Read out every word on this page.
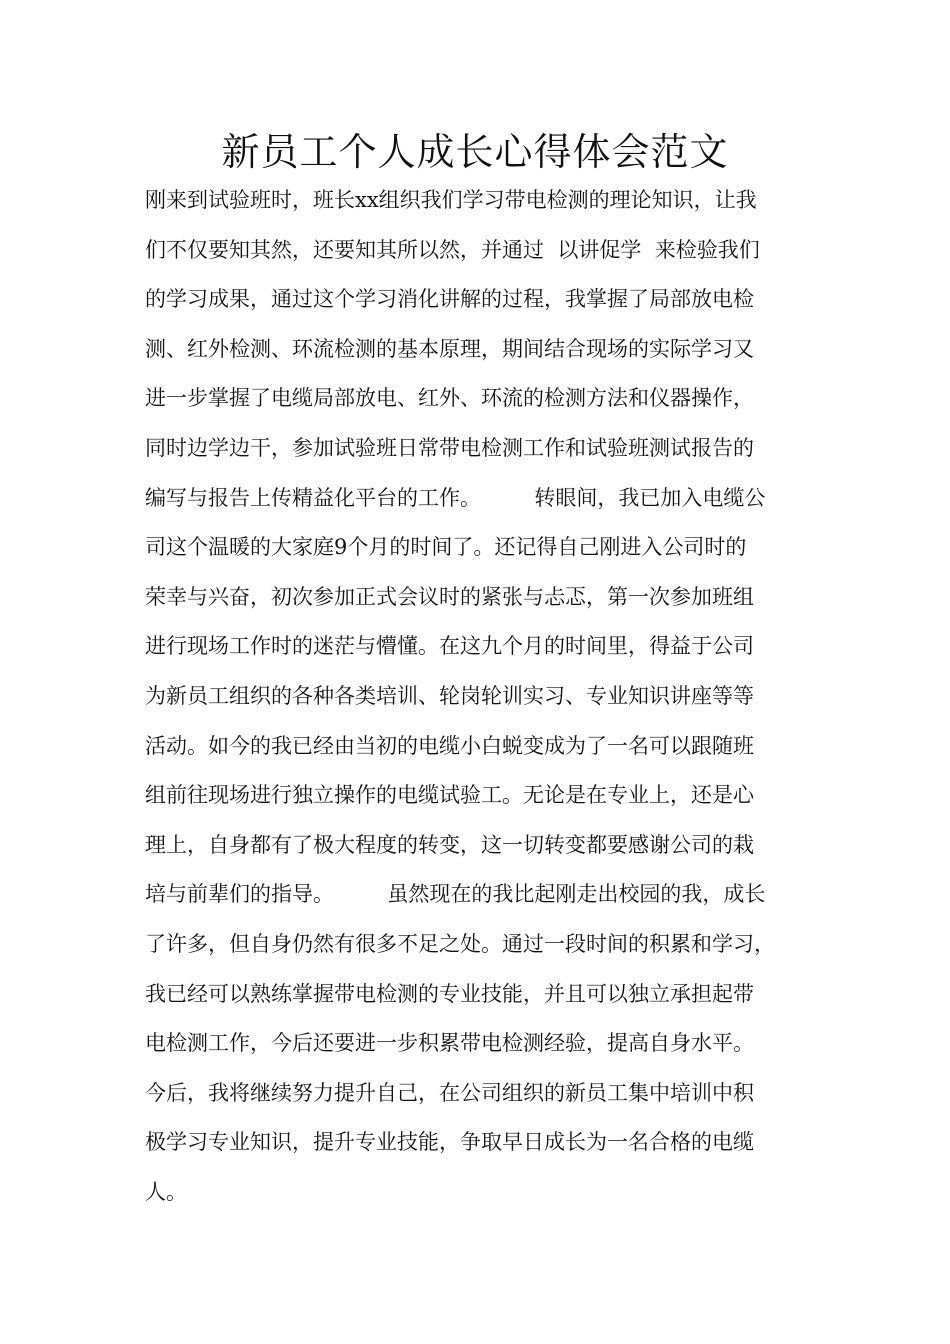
新员工个人成长心得体会范文
刚来到试验班时，班长xx组织我们学习带电检测的理论知识，让我
们不仅要知其然，还要知其所以然，并通过  以讲促学  来检验我们
的学习成果，通过这个学习消化讲解的过程，我掌握了局部放电检
测、红外检测、环流检测的基本原理，期间结合现场的实际学习又
进一步掌握了电缆局部放电、红外、环流的检测方法和仪器操作，
同时边学边干，参加试验班日常带电检测工作和试验班测试报告的
编写与报告上传精益化平台的工作。        转眼间，我已加入电缆公
司这个温暖的大家庭9个月的时间了。还记得自己刚进入公司时的
荣幸与兴奋，初次参加正式会议时的紧张与忐忑，第一次参加班组
进行现场工作时的迷茫与懵懂。在这九个月的时间里，得益于公司
为新员工组织的各种各类培训、轮岗轮训实习、专业知识讲座等等
活动。如今的我已经由当初的电缆小白蜕变成为了一名可以跟随班
组前往现场进行独立操作的电缆试验工。无论是在专业上，还是心
理上，自身都有了极大程度的转变，这一切转变都要感谢公司的栽
培与前辈们的指导。        虽然现在的我比起刚走出校园的我，成长
了许多，但自身仍然有很多不足之处。通过一段时间的积累和学习，
我已经可以熟练掌握带电检测的专业技能，并且可以独立承担起带
电检测工作，今后还要进一步积累带电检测经验，提高自身水平。
今后，我将继续努力提升自己，在公司组织的新员工集中培训中积
极学习专业知识，提升专业技能，争取早日成长为一名合格的电缆
人。
